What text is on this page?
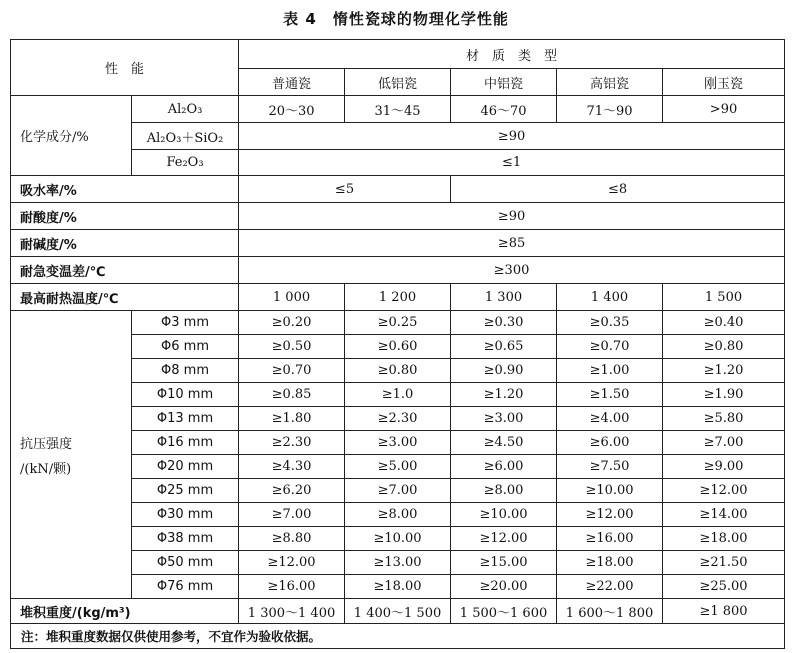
表 4　惰性瓷球的物理化学性能
性　能		材　质　类　型				
		普通瓷	低铝瓷	中铝瓷	高铝瓷	刚玉瓷
化学成分/%	Al₂O₃	20～30	31～45	46～70	71～90	>90
	Al₂O₃＋SiO₂	≥90				
	Fe₂O₃	≤1				
吸水率/%		≤5		≤8		
耐酸度/%		≥90				
耐碱度/%		≥85				
耐急变温差/℃		≥300				
最高耐热温度/℃		1 000	1 200	1 300	1 400	1 500

抗压强度
/(kN/颗)	Φ3 mm	≥0.20	≥0.25	≥0.30	≥0.35	≥0.40
	Φ6 mm	≥0.50	≥0.60	≥0.65	≥0.70	≥0.80
	Φ8 mm	≥0.70	≥0.80	≥0.90	≥1.00	≥1.20
	Φ10 mm	≥0.85	≥1.0	≥1.20	≥1.50	≥1.90
	Φ13 mm	≥1.80	≥2.30	≥3.00	≥4.00	≥5.80
	Φ16 mm	≥2.30	≥3.00	≥4.50	≥6.00	≥7.00
	Φ20 mm	≥4.30	≥5.00	≥6.00	≥7.50	≥9.00
	Φ25 mm	≥6.20	≥7.00	≥8.00	≥10.00	≥12.00
	Φ30 mm	≥7.00	≥8.00	≥10.00	≥12.00	≥14.00
	Φ38 mm	≥8.80	≥10.00	≥12.00	≥16.00	≥18.00
	Φ50 mm	≥12.00	≥13.00	≥15.00	≥18.00	≥21.50
	Φ76 mm	≥16.00	≥18.00	≥20.00	≥22.00	≥25.00
堆积重度/(kg/m³)		1 300～1 400	1 400～1 500	1 500～1 600	1 600～1 800	≥1 800
注：堆积重度数据仅供使用参考，不宜作为验收依据。						
